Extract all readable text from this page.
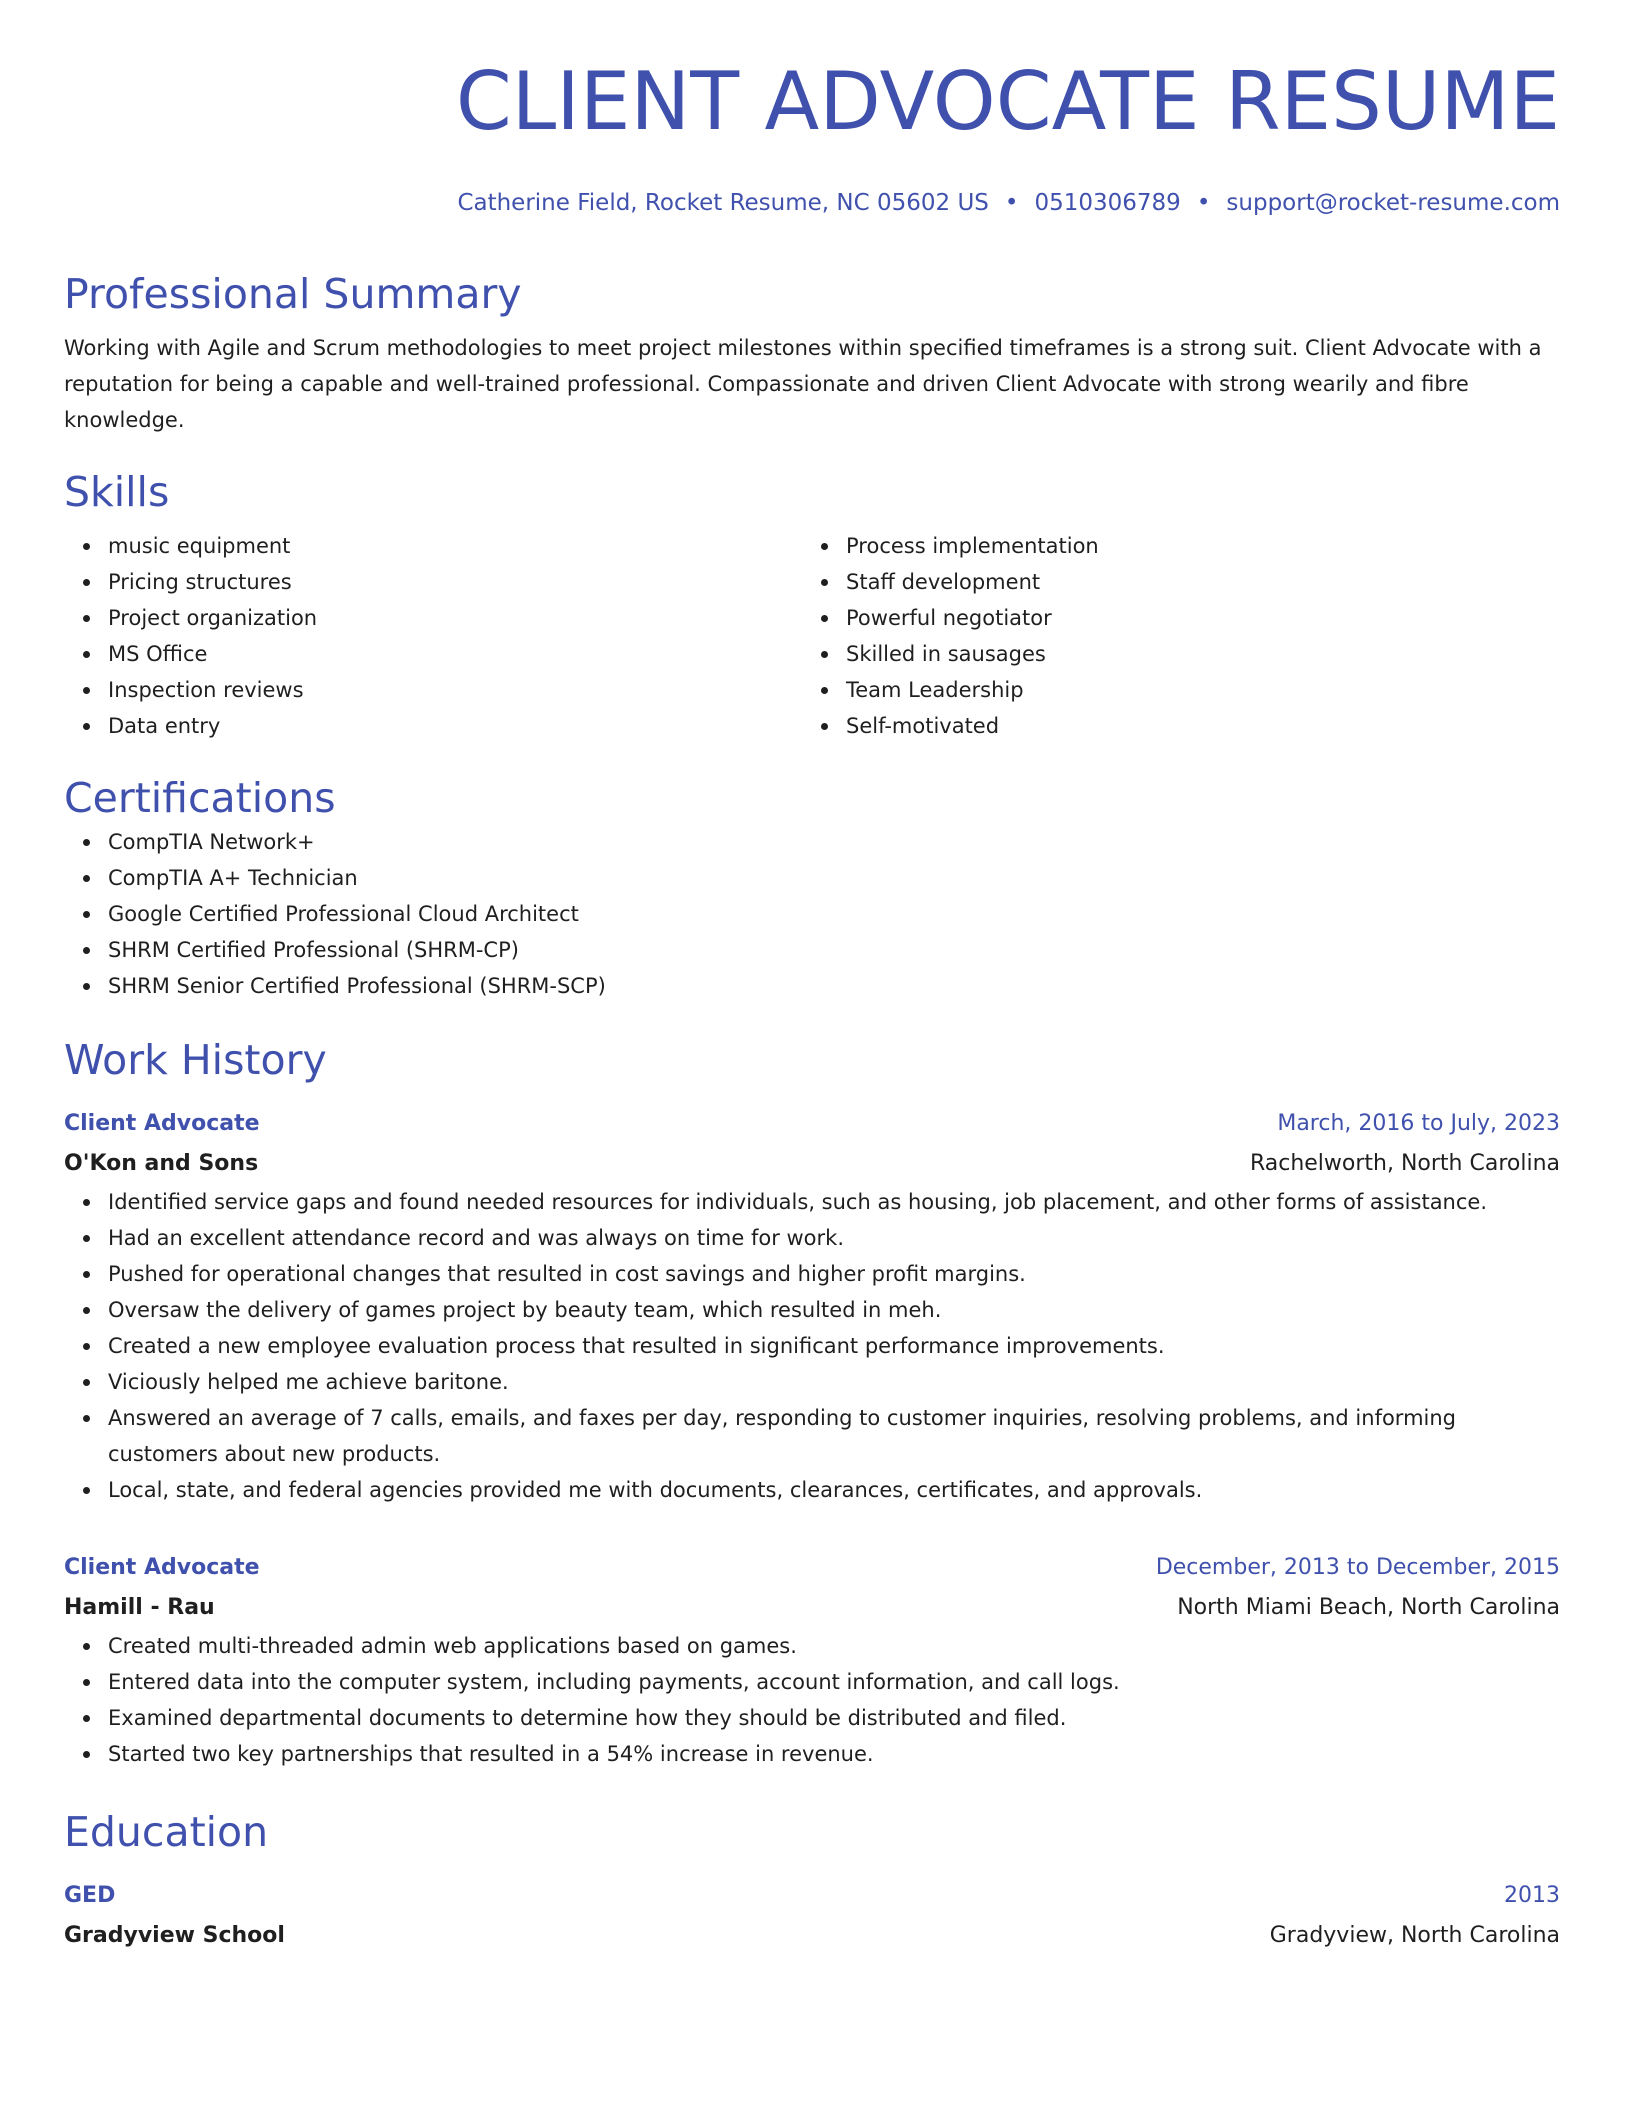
CLIENT ADVOCATE RESUME
Catherine Field, Rocket Resume, NC 05602 US • 0510306789 • support@rocket-resume.com
Professional Summary
Working with Agile and Scrum methodologies to meet project milestones within specified timeframes is a strong suit. Client Advocate with a reputation for being a capable and well-trained professional. Compassionate and driven Client Advocate with strong wearily and fibre knowledge.
Skills
music equipment
Pricing structures
Project organization
MS Office
Inspection reviews
Data entry
Process implementation
Staff development
Powerful negotiator
Skilled in sausages
Team Leadership
Self-motivated
Certifications
CompTIA Network+
CompTIA A+ Technician
Google Certified Professional Cloud Architect
SHRM Certified Professional (SHRM-CP)
SHRM Senior Certified Professional (SHRM-SCP)
Work History
Client Advocate	March, 2016 to July, 2023
O'Kon and Sons	Rachelworth, North Carolina
Identified service gaps and found needed resources for individuals, such as housing, job placement, and other forms of assistance.
Had an excellent attendance record and was always on time for work.
Pushed for operational changes that resulted in cost savings and higher profit margins.
Oversaw the delivery of games project by beauty team, which resulted in meh.
Created a new employee evaluation process that resulted in significant performance improvements.
Viciously helped me achieve baritone.
Answered an average of 7 calls, emails, and faxes per day, responding to customer inquiries, resolving problems, and informing customers about new products.
Local, state, and federal agencies provided me with documents, clearances, certificates, and approvals.
Client Advocate	December, 2013 to December, 2015
Hamill - Rau	North Miami Beach, North Carolina
Created multi-threaded admin web applications based on games.
Entered data into the computer system, including payments, account information, and call logs.
Examined departmental documents to determine how they should be distributed and filed.
Started two key partnerships that resulted in a 54% increase in revenue.
Education
GED	2013
Gradyview School	Gradyview, North Carolina
